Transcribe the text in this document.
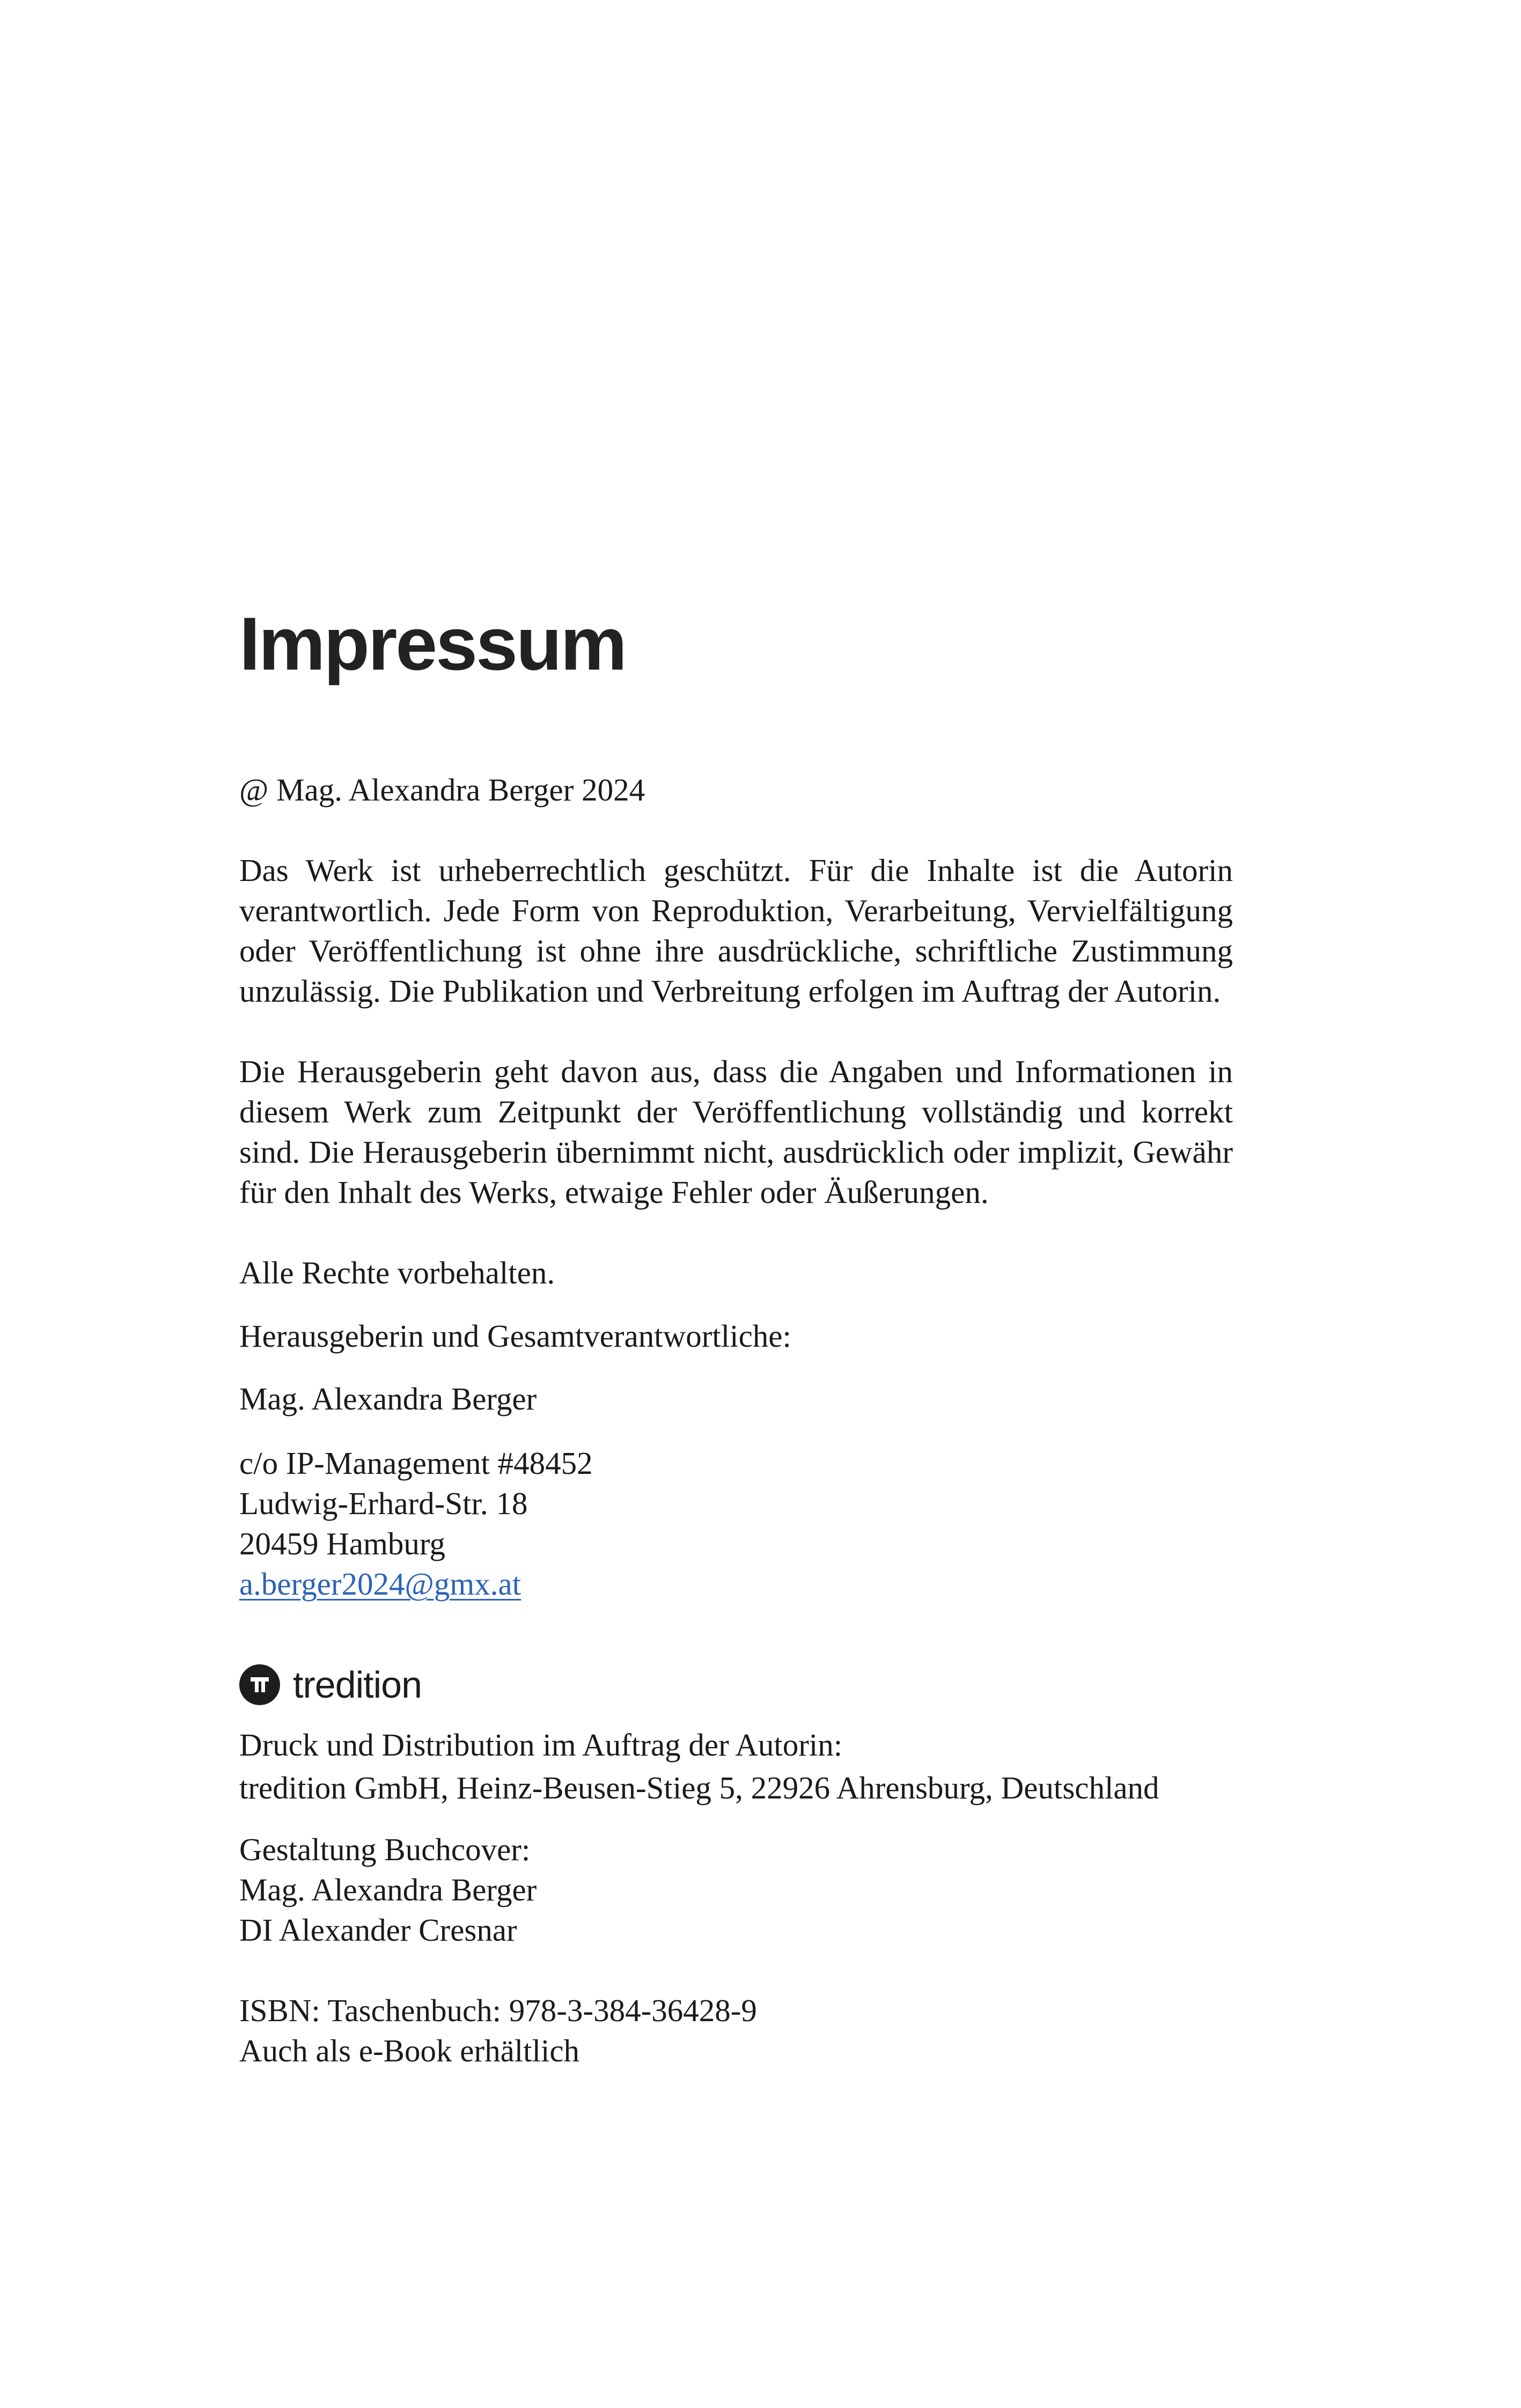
Impressum
@ Mag. Alexandra Berger 2024
Das Werk ist urheberrechtlich geschützt. Für die Inhalte ist die Autorin
verantwortlich. Jede Form von Reproduktion, Verarbeitung, Vervielfältigung
oder Veröffentlichung ist ohne ihre ausdrückliche, schriftliche Zustimmung
unzulässig. Die Publikation und Verbreitung erfolgen im Auftrag der Autorin.
Die Herausgeberin geht davon aus, dass die Angaben und Informationen in
diesem Werk zum Zeitpunkt der Veröffentlichung vollständig und korrekt
sind. Die Herausgeberin übernimmt nicht, ausdrücklich oder implizit, Gewähr
für den Inhalt des Werks, etwaige Fehler oder Äußerungen.
Alle Rechte vorbehalten.
Herausgeberin und Gesamtverantwortliche:
Mag. Alexandra Berger
c/o IP-Management #48452
Ludwig-Erhard-Str. 18
20459 Hamburg
a.berger2024@gmx.at
tredition
Druck und Distribution im Auftrag der Autorin:
tredition GmbH, Heinz-Beusen-Stieg 5, 22926 Ahrensburg, Deutschland
Gestaltung Buchcover:
Mag. Alexandra Berger
DI Alexander Cresnar
ISBN: Taschenbuch: 978-3-384-36428-9
Auch als e-Book erhältlich
